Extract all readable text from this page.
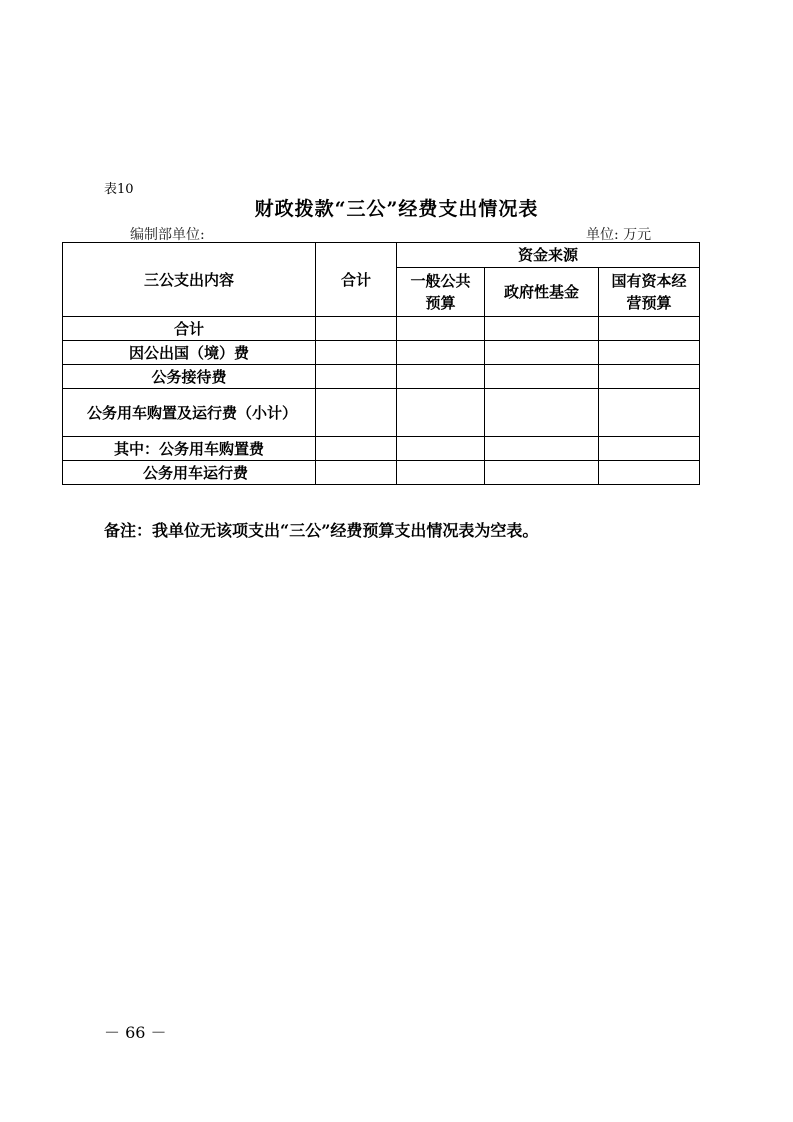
表10
财政拨款“三公”经费支出情况表
编制部单位:	单位: 万元
三公支出内容	合计	资金来源		
		一般公共预算	政府性基金	国有资本经营预算
合计				
因公出国（境）费				
公务接待费				
公务用车购置及运行费（小计）				
其中：公务用车购置费				
公务用车运行费				
备注：我单位无该项支出“三公”经费预算支出情况表为空表。
－ 66 －
